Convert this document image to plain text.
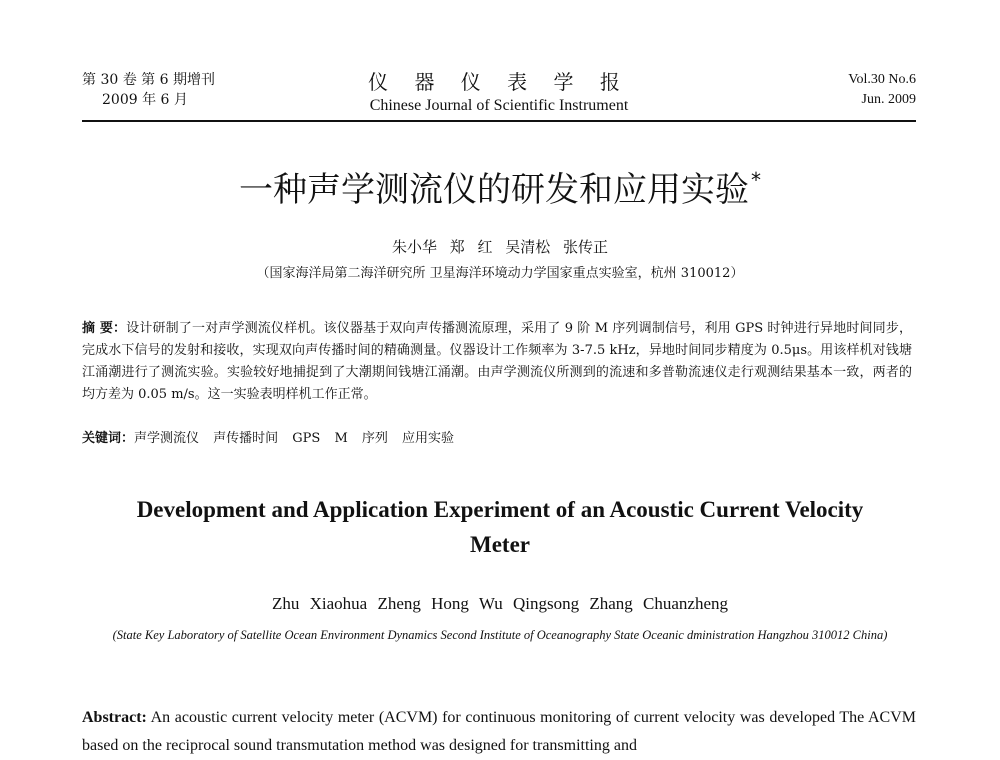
第 30 卷 第 6 期增刊
2009 年 6 月
仪 器 仪 表 学 报
Chinese Journal of Scientific Instrument
Vol.30 No.6
Jun. 2009
一种声学测流仪的研发和应用实验 *
朱小华 郑 红 吴清松 张传正
（国家海洋局第二海洋研究所 卫星海洋环境动力学国家重点实验室，杭州 310012）
摘 要：设计研制了一对声学测流仪样机。该仪器基于双向声传播测流原理，采用了 9 阶 M 序列调制信号，利用 GPS 时钟进行异地时间同步，完成水下信号的发射和接收，实现双向声传播时间的精确测量。仪器设计工作频率为 3-7.5 kHz，异地时间同步精度为 0.5μs。用该样机对钱塘江涌潮进行了测流实验。实验较好地捕捉到了大潮期间钱塘江涌潮。由声学测流仪所测到的流速和多普勒流速仪走行观测结果基本一致，两者的均方差为 0.05 m/s。这一实验表明样机工作正常。
关键词：声学测流仪 声传播时间 GPS M 序列 应用实验
Development and Application Experiment of an Acoustic Current Velocity Meter
Zhu Xiaohua Zheng Hong Wu Qingsong Zhang Chuanzheng
(State Key Laboratory of Satellite Ocean Environment Dynamics Second Institute of Oceanography State Oceanic dministration Hangzhou 310012 China)
Abstract: An acoustic current velocity meter (ACVM) for continuous monitoring of current velocity was developed The ACVM based on the reciprocal sound transmutation method was designed for transmitting and
